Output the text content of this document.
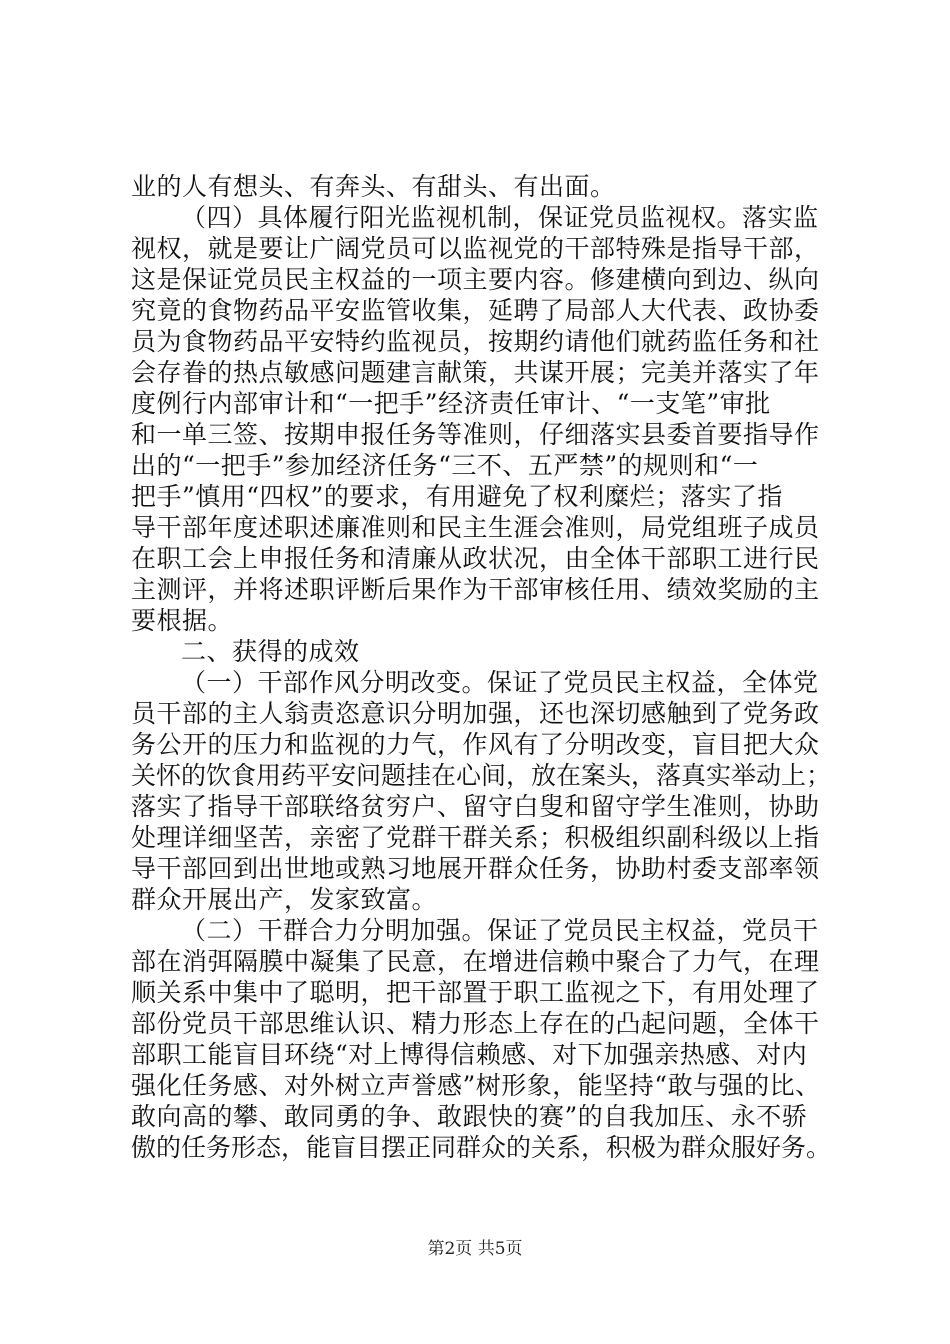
业的人有想头、有奔头、有甜头、有出面。
（四）具体履行阳光监视机制，保证党员监视权。落实监
视权，就是要让广阔党员可以监视党的干部特殊是指导干部，
这是保证党员民主权益的一项主要内容。修建横向到边、纵向
究竟的食物药品平安监管收集，延聘了局部人大代表、政协委
员为食物药品平安特约监视员，按期约请他们就药监任务和社
会存眷的热点敏感问题建言献策，共谋开展；完美并落实了年
度例行内部审计和“一把手”经济责任审计、“一支笔”审批
和一单三签、按期申报任务等准则，仔细落实县委首要指导作
出的“一把手”参加经济任务“三不、五严禁”的规则和“一
把手”慎用“四权”的要求，有用避免了权利糜烂；落实了指
导干部年度述职述廉准则和民主生涯会准则，局党组班子成员
在职工会上申报任务和清廉从政状况，由全体干部职工进行民
主测评，并将述职评断后果作为干部审核任用、绩效奖励的主
要根据。
二、获得的成效
（一）干部作风分明改变。保证了党员民主权益，全体党
员干部的主人翁责恣意识分明加强，还也深切感触到了党务政
务公开的压力和监视的力气，作风有了分明改变，盲目把大众
关怀的饮食用药平安问题挂在心间，放在案头，落真实举动上；
落实了指导干部联络贫穷户、留守白叟和留守学生准则，协助
处理详细坚苦，亲密了党群干群关系；积极组织副科级以上指
导干部回到出世地或熟习地展开群众任务，协助村委支部率领
群众开展出产，发家致富。
（二）干群合力分明加强。保证了党员民主权益，党员干
部在消弭隔膜中凝集了民意，在增进信赖中聚合了力气，在理
顺关系中集中了聪明，把干部置于职工监视之下，有用处理了
部份党员干部思维认识、精力形态上存在的凸起问题，全体干
部职工能盲目环绕“对上博得信赖感、对下加强亲热感、对内
强化任务感、对外树立声誉感”树形象，能坚持“敢与强的比、
敢向高的攀、敢同勇的争、敢跟快的赛”的自我加压、永不骄
傲的任务形态，能盲目摆正同群众的关系，积极为群众服好务。
第2页 共5页
